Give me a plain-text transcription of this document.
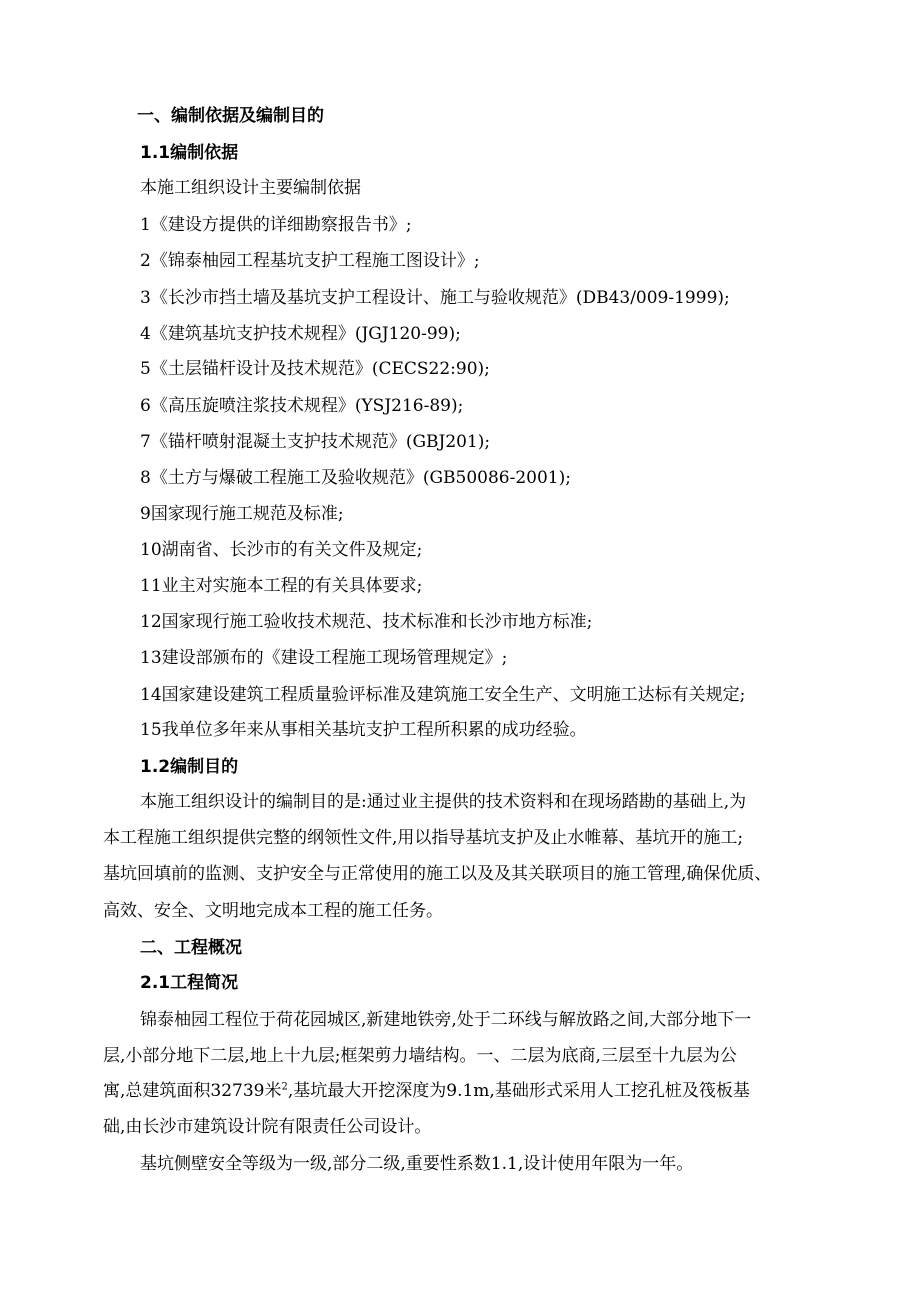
一、编制依据及编制目的
1.1编制依据
本施工组织设计主要编制依据
1《建设方提供的详细勘察报告书》;
2《锦泰柚园工程基坑支护工程施工图设计》;
3《长沙市挡土墙及基坑支护工程设计、施工与验收规范》(DB43/009-1999);
4《建筑基坑支护技术规程》(JGJ120-99);
5《土层锚杆设计及技术规范》(CECS22:90);
6《高压旋喷注浆技术规程》(YSJ216-89);
7《锚杆喷射混凝土支护技术规范》(GBJ201);
8《土方与爆破工程施工及验收规范》(GB50086-2001);
9国家现行施工规范及标准;
10湖南省、长沙市的有关文件及规定;
11业主对实施本工程的有关具体要求;
12国家现行施工验收技术规范、技术标准和长沙市地方标准;
13建设部颁布的《建设工程施工现场管理规定》;
14国家建设建筑工程质量验评标准及建筑施工安全生产、文明施工达标有关规定;
15我单位多年来从事相关基坑支护工程所积累的成功经验。
1.2编制目的
本施工组织设计的编制目的是:通过业主提供的技术资料和在现场踏勘的基础上,为
本工程施工组织提供完整的纲领性文件,用以指导基坑支护及止水帷幕、基坑开的施工;
基坑回填前的监测、支护安全与正常使用的施工以及及其关联项目的施工管理,确保优质、
高效、安全、文明地完成本工程的施工任务。
二、工程概况
2.1工程简况
锦泰柚园工程位于荷花园城区,新建地铁旁,处于二环线与解放路之间,大部分地下一
层,小部分地下二层,地上十九层;框架剪力墙结构。一、二层为底商,三层至十九层为公
寓,总建筑面积32739米$^2$,基坑最大开挖深度为9.1m,基础形式采用人工挖孔桩及筏板基
础,由长沙市建筑设计院有限责任公司设计。
基坑侧壁安全等级为一级,部分二级,重要性系数1.1,设计使用年限为一年。
